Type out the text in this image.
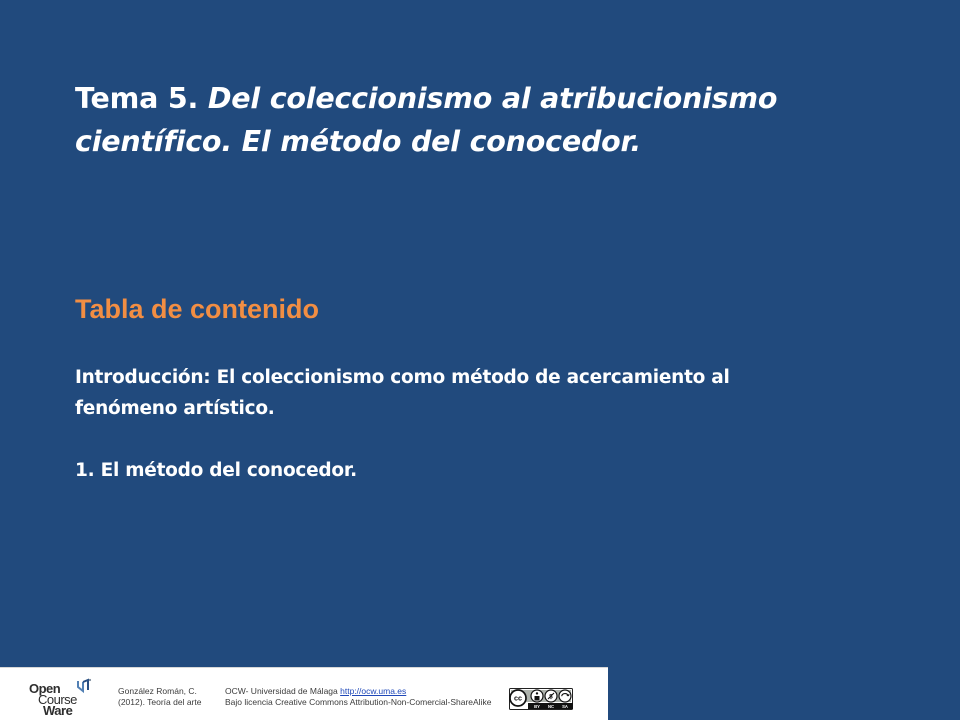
Tema 5. Del coleccionismo al atribucionismo científico. El método del conocedor.
Tabla de contenido

Introducción: El coleccionismo como método de acercamiento al fenómeno artístico.

1. El método del conocedor.

Open
Course
Ware

González Román, C.
(2012). Teoría del arte

OCW- Universidad de Málaga http://ocw.uma.es
Bajo licencia Creative Commons Attribution-Non-Comercial-ShareAlike	cc	$
BY NC SA
